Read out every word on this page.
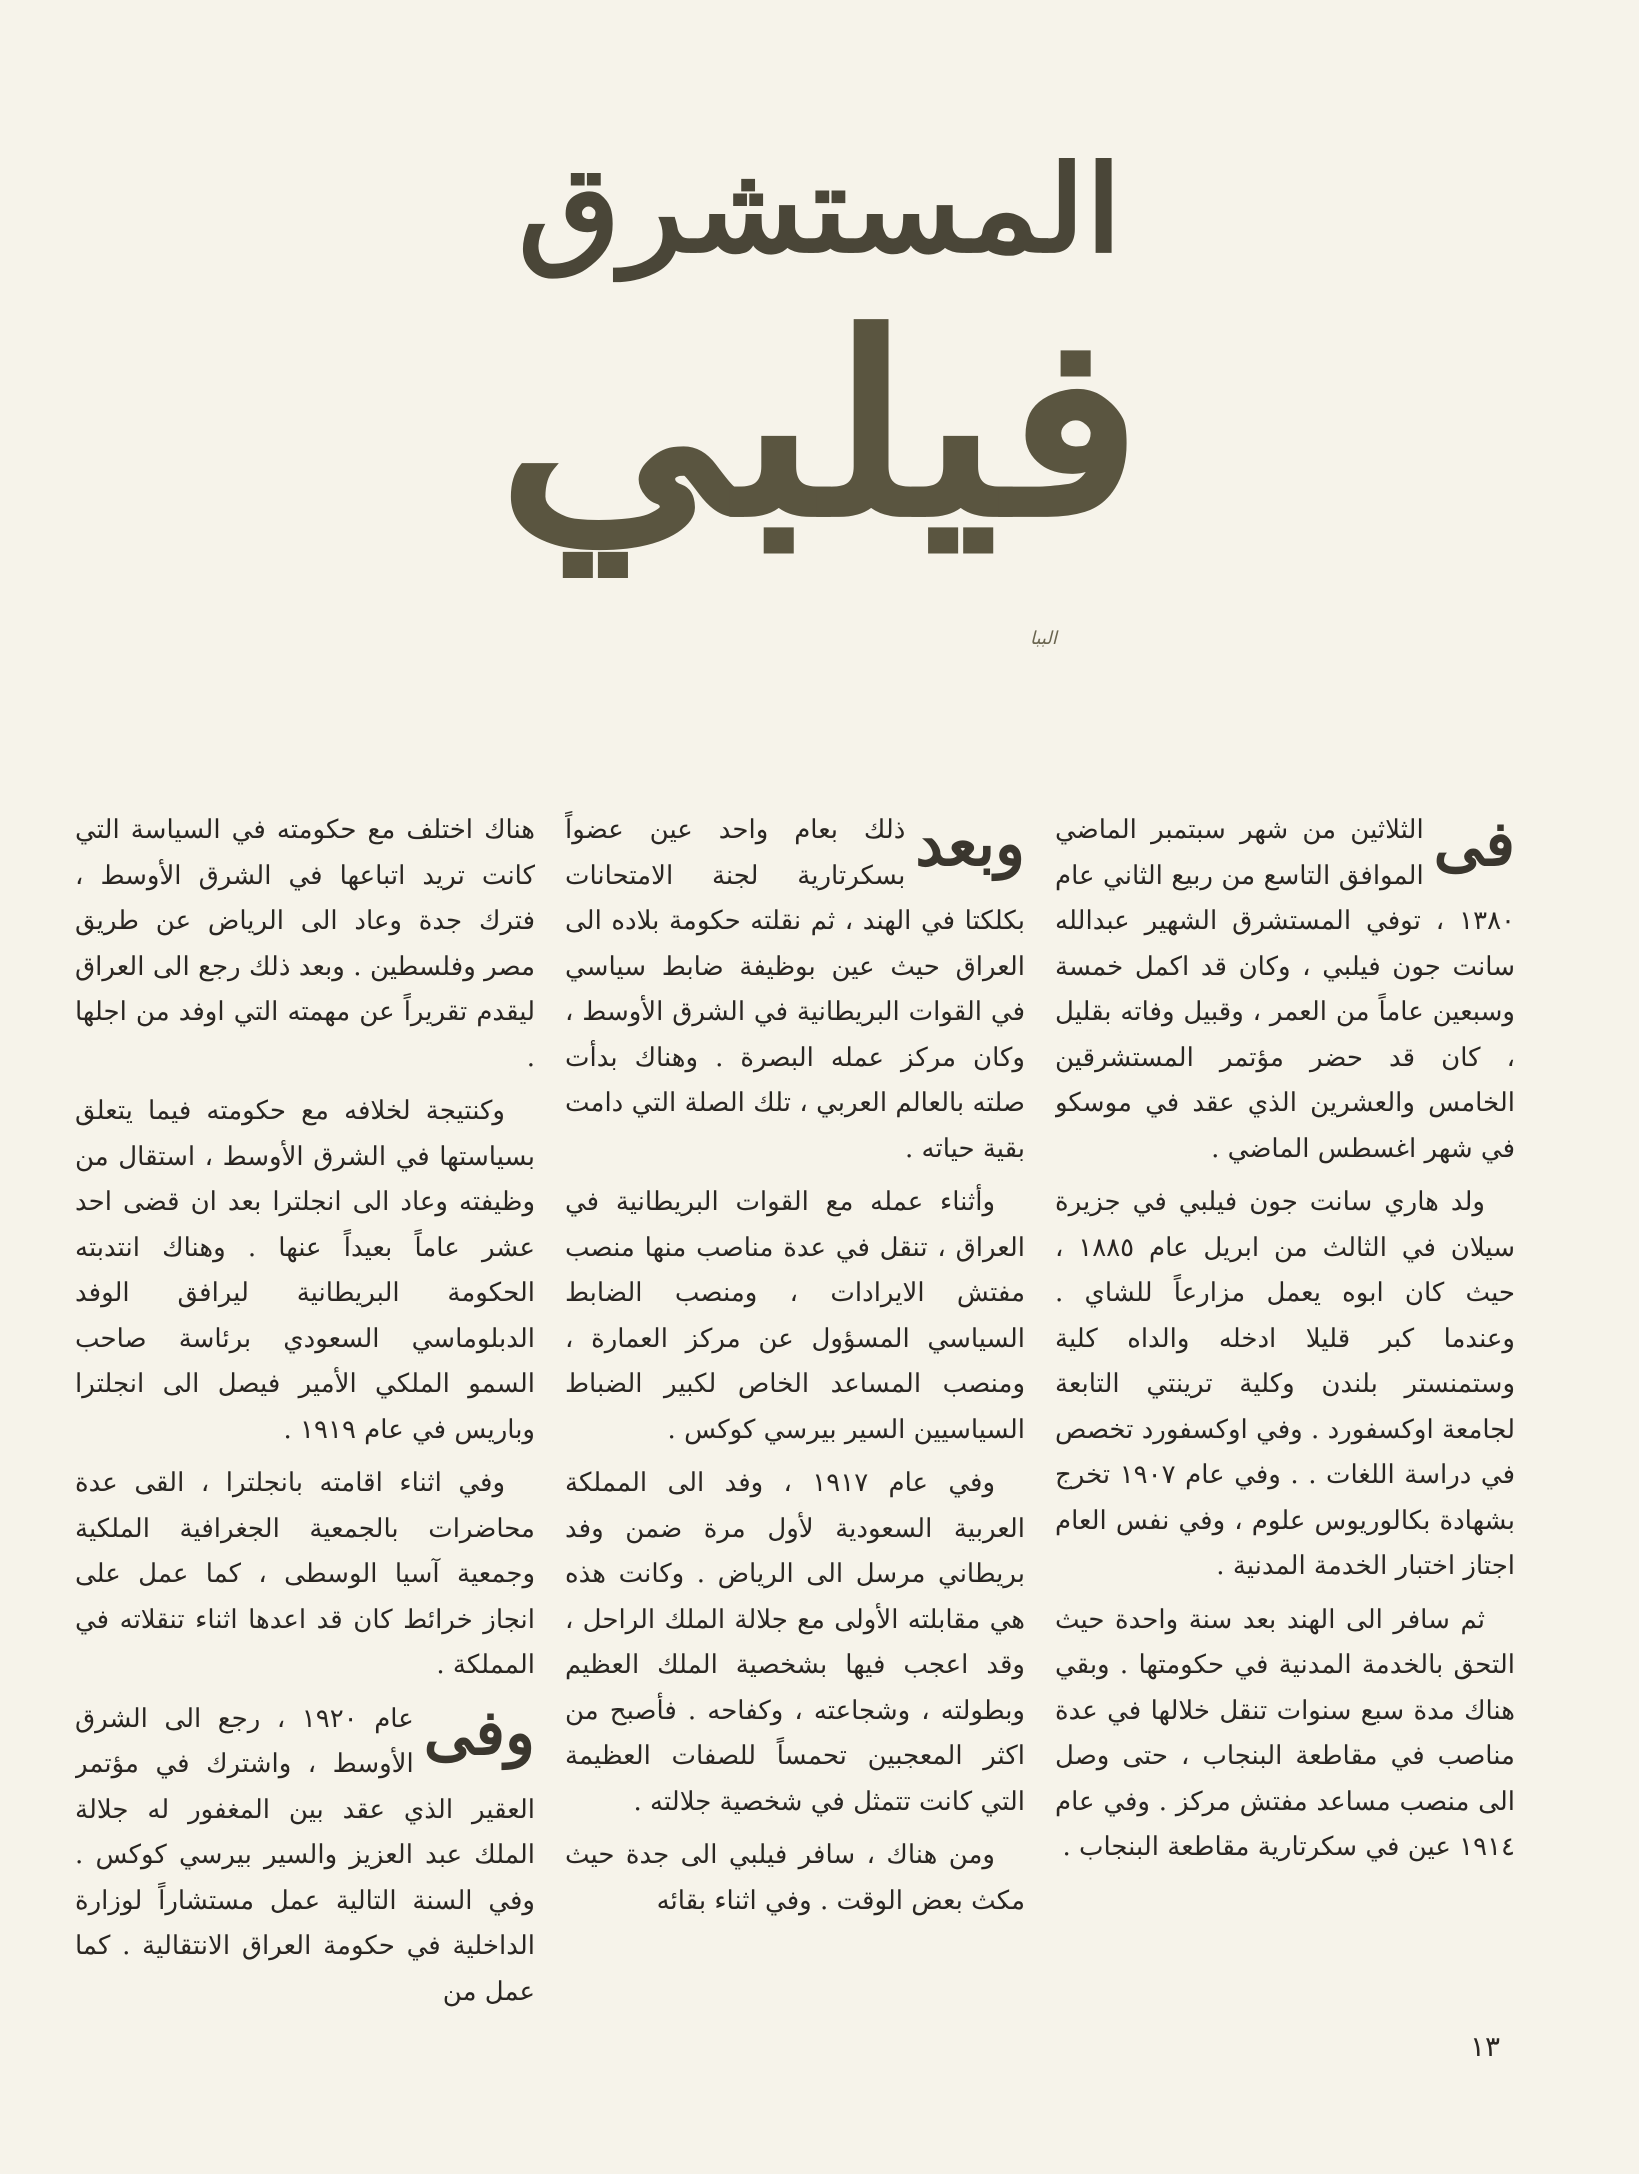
المستشرق
فيلبي
الببا
فى

الثلاثين من شهر سبتمبر الماضي الموافق التاسع من ربيع الثاني عام ١٣٨٠ ، توفي المستشرق الشهير عبدالله سانت جون فيلبي ، وكان قد اكمل خمسة وسبعين عاماً من العمر ، وقبيل وفاته بقليل ، كان قد حضر مؤتمر المستشرقين الخامس والعشرين الذي عقد في موسكو في شهر اغسطس الماضي .

ولد هاري سانت جون فيلبي في جزيرة سيلان في الثالث من ابريل عام ١٨٨٥ ، حيث كان ابوه يعمل مزارعاً للشاي . وعندما كبر قليلا ادخله والداه كلية وستمنستر بلندن وكلية ترينتي التابعة لجامعة اوكسفورد . وفي اوكسفورد تخصص في دراسة اللغات . . وفي عام ١٩٠٧ تخرج بشهادة بكالوريوس علوم ، وفي نفس العام اجتاز اختبار الخدمة المدنية .

ثم سافر الى الهند بعد سنة واحدة حيث التحق بالخدمة المدنية في حكومتها . وبقي هناك مدة سبع سنوات تنقل خلالها في عدة مناصب في مقاطعة البنجاب ، حتى وصل الى منصب مساعد مفتش مركز . وفي عام ١٩١٤ عين في سكرتارية مقاطعة البنجاب .

وبعد

ذلك بعام واحد عين عضواً بسكرتارية لجنة الامتحانات بكلكتا في الهند ، ثم نقلته حكومة بلاده الى العراق حيث عين بوظيفة ضابط سياسي في القوات البريطانية في الشرق الأوسط ، وكان مركز عمله البصرة . وهناك بدأت صلته بالعالم العربي ، تلك الصلة التي دامت بقية حياته .

وأثناء عمله مع القوات البريطانية في العراق ، تنقل في عدة مناصب منها منصب مفتش الايرادات ، ومنصب الضابط السياسي المسؤول عن مركز العمارة ، ومنصب المساعد الخاص لكبير الضباط السياسيين السير بيرسي كوكس .

وفي عام ١٩١٧ ، وفد الى المملكة العربية السعودية لأول مرة ضمن وفد بريطاني مرسل الى الرياض . وكانت هذه هي مقابلته الأولى مع جلالة الملك الراحل ، وقد اعجب فيها بشخصية الملك العظيم وبطولته ، وشجاعته ، وكفاحه . فأصبح من اكثر المعجبين تحمساً للصفات العظيمة التي كانت تتمثل في شخصية جلالته .

ومن هناك ، سافر فيلبي الى جدة حيث مكث بعض الوقت . وفي اثناء بقائه

هناك اختلف مع حكومته في السياسة التي كانت تريد اتباعها في الشرق الأوسط ، فترك جدة وعاد الى الرياض عن طريق مصر وفلسطين . وبعد ذلك رجع الى العراق ليقدم تقريراً عن مهمته التي اوفد من اجلها .

وكنتيجة لخلافه مع حكومته فيما يتعلق بسياستها في الشرق الأوسط ، استقال من وظيفته وعاد الى انجلترا بعد ان قضى احد عشر عاماً بعيداً عنها . وهناك انتدبته الحكومة البريطانية ليرافق الوفد الدبلوماسي السعودي برئاسة صاحب السمو الملكي الأمير فيصل الى انجلترا وباريس في عام ١٩١٩ .

وفي اثناء اقامته بانجلترا ، القى عدة محاضرات بالجمعية الجغرافية الملكية وجمعية آسيا الوسطى ، كما عمل على انجاز خرائط كان قد اعدها اثناء تنقلاته في المملكة .

وفى
عام ١٩٢٠ ، رجع الى الشرق الأوسط ، واشترك في مؤتمر العقير الذي عقد بين المغفور له جلالة الملك عبد العزيز والسير بيرسي كوكس . وفي السنة التالية عمل مستشاراً لوزارة الداخلية في حكومة العراق الانتقالية . كما عمل من

١٣
